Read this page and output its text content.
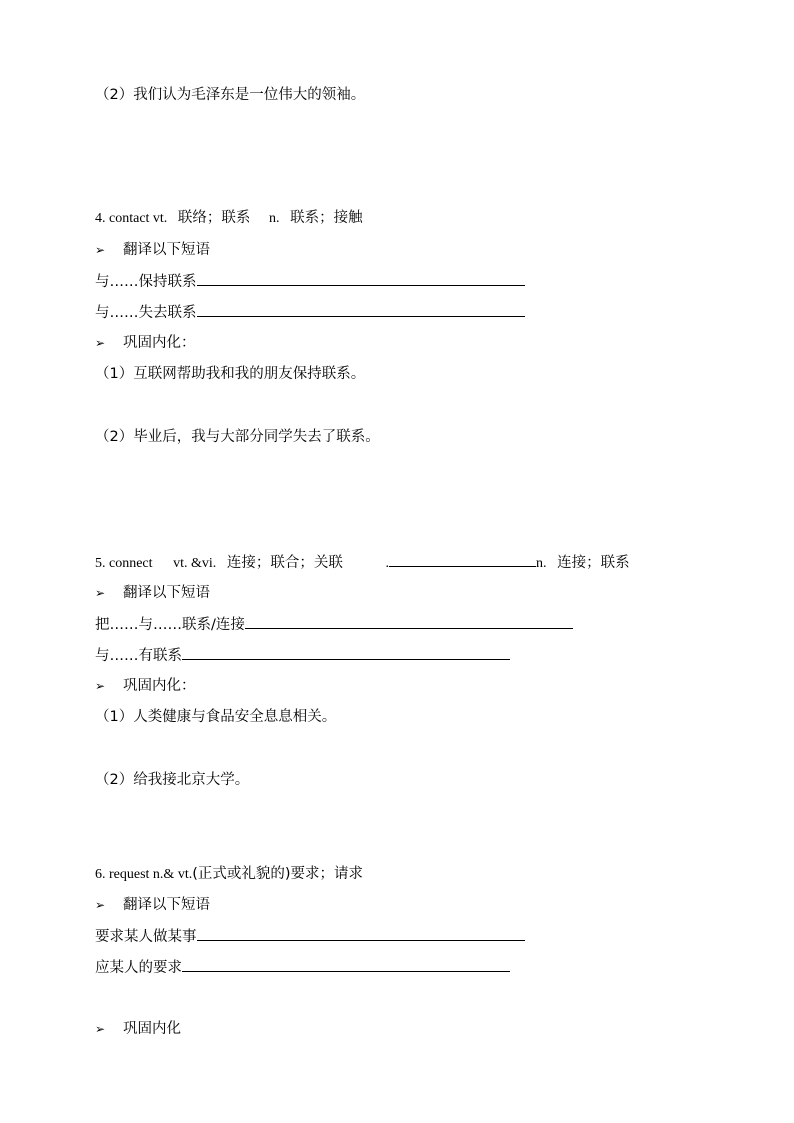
（2）我们认为毛泽东是一位伟大的领袖。
4. contact vt. 联络；联系 n. 联系；接触
➢ 翻译以下短语
与……保持联系
与……失去联系
➢ 巩固内化：
（1）互联网帮助我和我的朋友保持联系。
（2）毕业后，我与大部分同学失去了联系。
5. connect vt. &vi. 连接；联合；关联	.	n. 连接；联系
➢ 翻译以下短语
把……与……联系/连接
与……有联系
➢ 巩固内化：
（1）人类健康与食品安全息息相关。
（2）给我接北京大学。
6. request n.& vt.(正式或礼貌的)要求；请求
➢ 翻译以下短语
要求某人做某事
应某人的要求
➢ 巩固内化
